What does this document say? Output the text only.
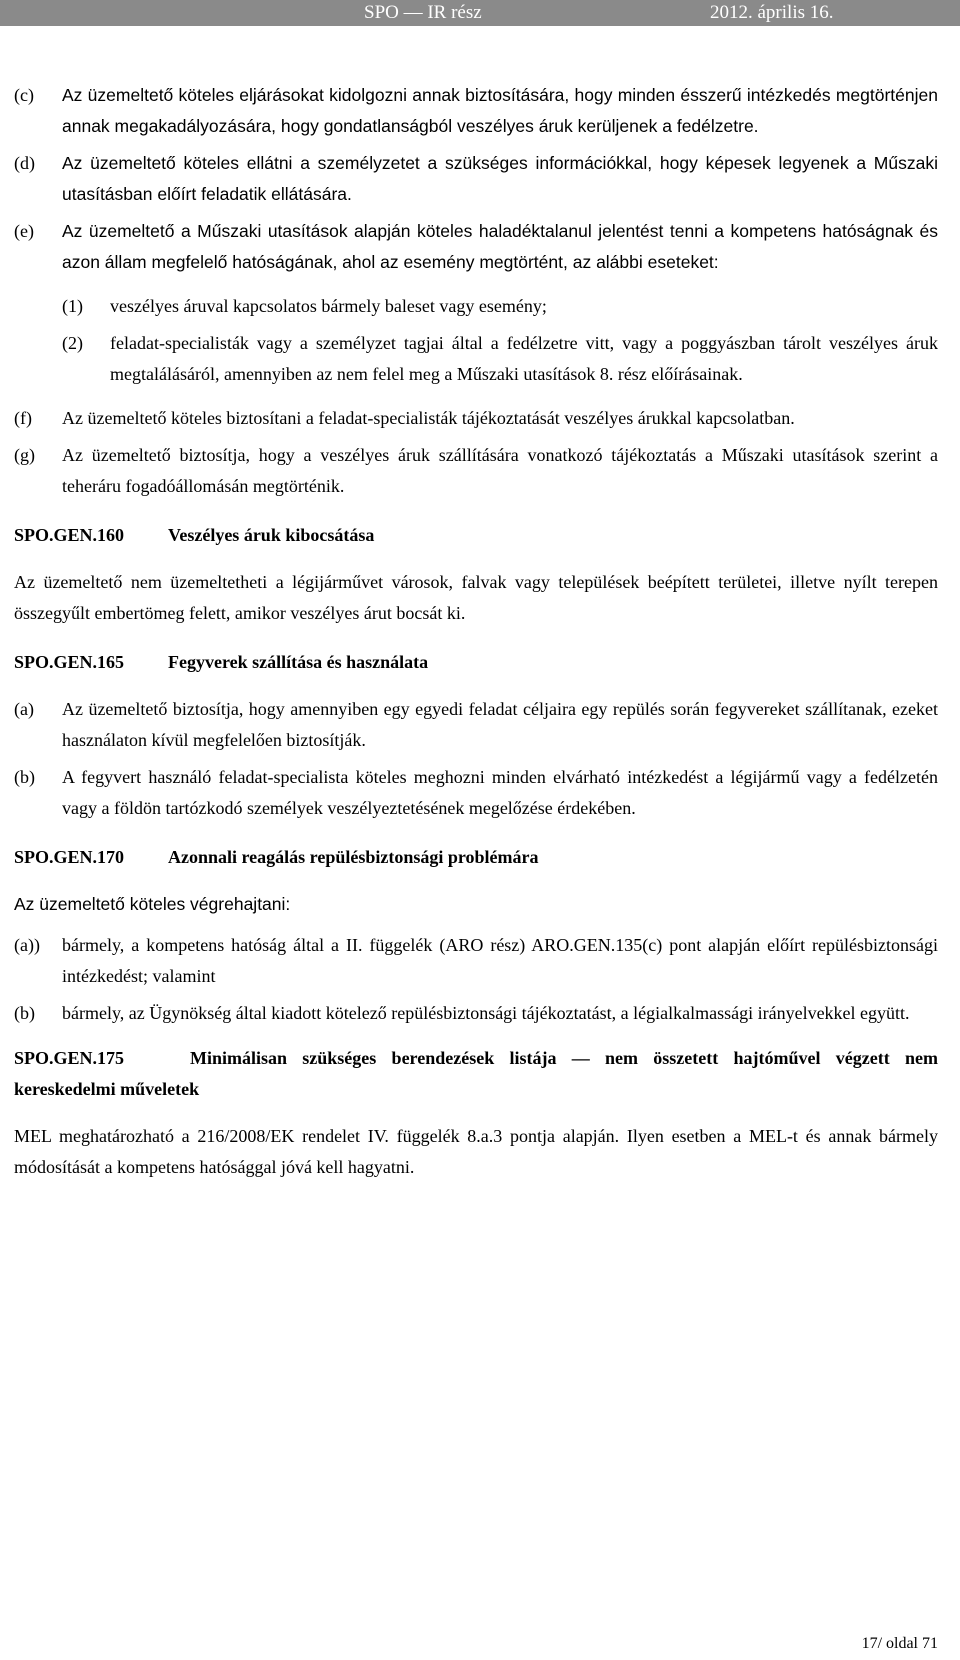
SPO — IR rész	2012. április 16.
(c) Az üzemeltető köteles eljárásokat kidolgozni annak biztosítására, hogy minden ésszerű intézkedés megtörténjen annak megakadályozására, hogy gondatlanságból veszélyes áruk kerüljenek a fedélzetre.
(d) Az üzemeltető köteles ellátni a személyzetet a szükséges információkkal, hogy képesek legyenek a Műszaki utasításban előírt feladatik ellátására.
(e) Az üzemeltető a Műszaki utasítások alapján köteles haladéktalanul jelentést tenni a kompetens hatóságnak és azon állam megfelelő hatóságának, ahol az esemény megtörtént, az alábbi eseteket:
(1) veszélyes áruval kapcsolatos bármely baleset vagy esemény;
(2) feladat-specialisták vagy a személyzet tagjai által a fedélzetre vitt, vagy a poggyászban tárolt veszélyes áruk megtalálásáról, amennyiben az nem felel meg a Műszaki utasítások 8. rész előírásainak.
(f) Az üzemeltető köteles biztosítani a feladat-specialisták tájékoztatását veszélyes árukkal kapcsolatban.
(g) Az üzemeltető biztosítja, hogy a veszélyes áruk szállítására vonatkozó tájékoztatás a Műszaki utasítások szerint a teheráru fogadóállomásán megtörténik.
SPO.GEN.160 Veszélyes áruk kibocsátása
Az üzemeltető nem üzemeltetheti a légijárművet városok, falvak vagy települések beépített területei, illetve nyílt terepen összegyűlt embertömeg felett, amikor veszélyes árut bocsát ki.
SPO.GEN.165 Fegyverek szállítása és használata
(a) Az üzemeltető biztosítja, hogy amennyiben egy egyedi feladat céljaira egy repülés során fegyvereket szállítanak, ezeket használaton kívül megfelelően biztosítják.
(b) A fegyvert használó feladat-specialista köteles meghozni minden elvárható intézkedést a légijármű vagy a fedélzetén vagy a földön tartózkodó személyek veszélyeztetésének megelőzése érdekében.
SPO.GEN.170 Azonnali reagálás repülésbiztonsági problémára
Az üzemeltető köteles végrehajtani:
(a)) bármely, a kompetens hatóság által a II. függelék (ARO rész) ARO.GEN.135(c) pont alapján előírt repülésbiztonsági intézkedést; valamint
(b) bármely, az Ügynökség által kiadott kötelező repülésbiztonsági tájékoztatást, a légialkalmassági irányelvekkel együtt.
SPO.GEN.175	Minimálisan szükséges berendezések listája — nem összetett hajtóművel végzett nem kereskedelmi műveletek
MEL meghatározható a 216/2008/EK rendelet IV. függelék 8.a.3 pontja alapján. Ilyen esetben a MEL-t és annak bármely módosítását a kompetens hatósággal jóvá kell hagyatni.
17/ oldal 71
